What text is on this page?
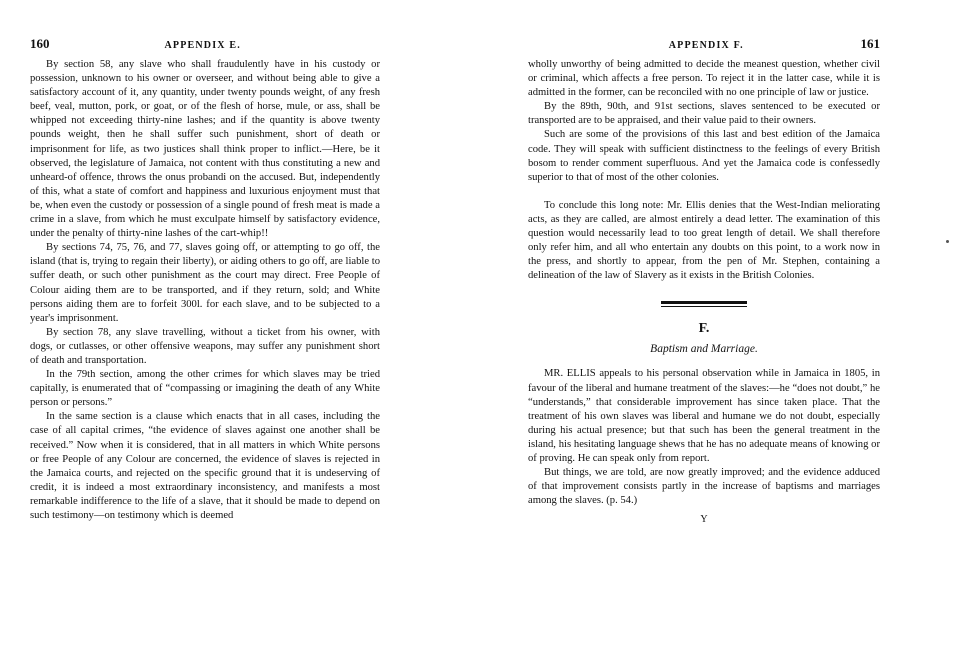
160	APPENDIX E.

By section 58, any slave who shall fraudulently have in his custody or possession, unknown to his owner or overseer, and without being able to give a satisfactory account of it, any quantity, under twenty pounds weight, of any fresh beef, veal, mutton, pork, or goat, or of the flesh of horse, mule, or ass, shall be whipped not exceeding thirty-nine lashes; and if the quantity is above twenty pounds weight, then he shall suffer such punishment, short of death or imprisonment for life, as two justices shall think proper to inflict.—Here, be it observed, the legislature of Jamaica, not content with thus constituting a new and unheard-of offence, throws the onus probandi on the accused. But, independently of this, what a state of comfort and happiness and luxurious enjoyment must that be, when even the custody or possession of a single pound of fresh meat is made a crime in a slave, from which he must exculpate himself by satisfactory evidence, under the penalty of thirty-nine lashes of the cart-whip!!

By sections 74, 75, 76, and 77, slaves going off, or attempting to go off, the island (that is, trying to regain their liberty), or aiding others to go off, are liable to suffer death, or such other punishment as the court may direct. Free People of Colour aiding them are to be transported, and if they return, sold; and White persons aiding them are to forfeit 300l. for each slave, and to be subjected to a year's imprisonment.

By section 78, any slave travelling, without a ticket from his owner, with dogs, or cutlasses, or other offensive weapons, may suffer any punishment short of death and transportation.

In the 79th section, among the other crimes for which slaves may be tried capitally, is enumerated that of “compassing or imagining the death of any White person or persons.”

In the same section is a clause which enacts that in all cases, including the case of all capital crimes, “the evidence of slaves against one another shall be received.” Now when it is considered, that in all matters in which White persons or free People of any Colour are concerned, the evidence of slaves is rejected in the Jamaica courts, and rejected on the specific ground that it is undeserving of credit, it is indeed a most extraordinary inconsistency, and manifests a most remarkable indifference to the life of a slave, that it should be made to depend on such testimony—on testimony which is deemed

APPENDIX F.	161

wholly unworthy of being admitted to decide the meanest question, whether civil or criminal, which affects a free person. To reject it in the latter case, while it is admitted in the former, can be reconciled with no one principle of law or justice.

By the 89th, 90th, and 91st sections, slaves sentenced to be executed or transported are to be appraised, and their value paid to their owners.

Such are some of the provisions of this last and best edition of the Jamaica code. They will speak with sufficient distinctness to the feelings of every British bosom to render comment superfluous. And yet the Jamaica code is confessedly superior to that of most of the other colonies.

To conclude this long note: Mr. Ellis denies that the West-Indian meliorating acts, as they are called, are almost entirely a dead letter. The examination of this question would necessarily lead to too great length of detail. We shall therefore only refer him, and all who entertain any doubts on this point, to a work now in the press, and shortly to appear, from the pen of Mr. Stephen, containing a delineation of the law of Slavery as it exists in the British Colonies.

F.
Baptism and Marriage.

MR. ELLIS appeals to his personal observation while in Jamaica in 1805, in favour of the liberal and humane treatment of the slaves:—he “does not doubt,” he “understands,” that considerable improvement has since taken place. That the treatment of his own slaves was liberal and humane we do not doubt, especially during his actual presence; but that such has been the general treatment in the island, his hesitating language shews that he has no adequate means of knowing or of proving. He can speak only from report.

But things, we are told, are now greatly improved; and the evidence adduced of that improvement consists partly in the increase of baptisms and marriages among the slaves. (p. 54.)

Y
